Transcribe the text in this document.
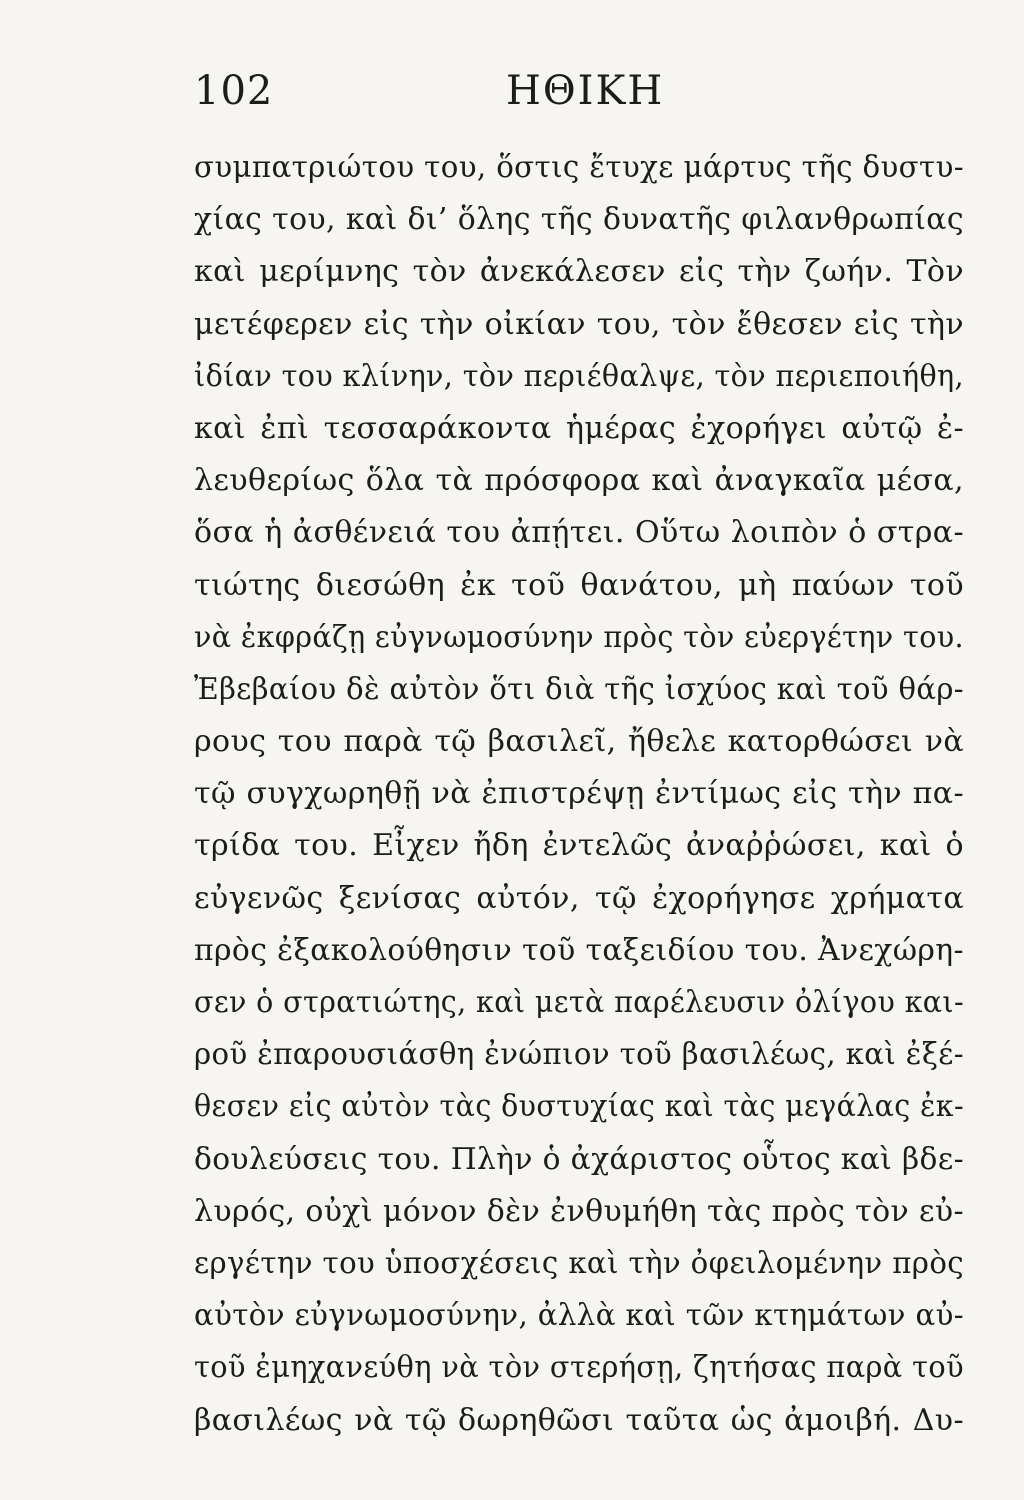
102	ΗΘΙΚΗ
συμπατριώτου του, ὅστις ἔτυχε μάρτυς τῆς δυστυ-
χίας του, καὶ δι’ ὅλης τῆς δυνατῆς φιλανθρωπίας
καὶ μερίμνης τὸν ἀνεκάλεσεν εἰς τὴν ζωήν. Τὸν
μετέφερεν εἰς τὴν οἰκίαν του, τὸν ἔθεσεν εἰς τὴν
ἰδίαν του κλίνην, τὸν περιέθαλψε, τὸν περιεποιήθη,
καὶ ἐπὶ τεσσαράκοντα ἡμέρας ἐχορήγει αὐτῷ ἐ-
λευθερίως ὅλα τὰ πρόσφορα καὶ ἀναγκαῖα μέσα,
ὅσα ἡ ἀσθένειά του ἀπῄτει. Οὕτω λοιπὸν ὁ στρα-
τιώτης διεσώθη ἐκ τοῦ θανάτου, μὴ παύων τοῦ
νὰ ἐκφράζῃ εὐγνωμοσύνην πρὸς τὸν εὐεργέτην του.
Ἐβεβαίου δὲ αὐτὸν ὅτι διὰ τῆς ἰσχύος καὶ τοῦ θάρ-
ρους του παρὰ τῷ βασιλεῖ, ἤθελε κατορθώσει νὰ
τῷ συγχωρηθῇ νὰ ἐπιστρέψῃ ἐντίμως εἰς τὴν πα-
τρίδα του. Εἶχεν ἤδη ἐντελῶς ἀναῤῥώσει, καὶ ὁ
εὐγενῶς ξενίσας αὐτόν, τῷ ἐχορήγησε χρήματα
πρὸς ἐξακολούθησιν τοῦ ταξειδίου του. Ἀνεχώρη-
σεν ὁ στρατιώτης, καὶ μετὰ παρέλευσιν ὀλίγου και-
ροῦ ἐπαρουσιάσθη ἐνώπιον τοῦ βασιλέως, καὶ ἐξέ-
θεσεν εἰς αὐτὸν τὰς δυστυχίας καὶ τὰς μεγάλας ἐκ-
δουλεύσεις του. Πλὴν ὁ ἀχάριστος οὗτος καὶ βδε-
λυρός, οὐχὶ μόνον δὲν ἐνθυμήθη τὰς πρὸς τὸν εὐ-
εργέτην του ὑποσχέσεις καὶ τὴν ὀφειλομένην πρὸς
αὐτὸν εὐγνωμοσύνην, ἀλλὰ καὶ τῶν κτημάτων αὐ-
τοῦ ἐμηχανεύθη νὰ τὸν στερήσῃ, ζητήσας παρὰ τοῦ
βασιλέως νὰ τῷ δωρηθῶσι ταῦτα ὡς ἀμοιβή. Δυ-
